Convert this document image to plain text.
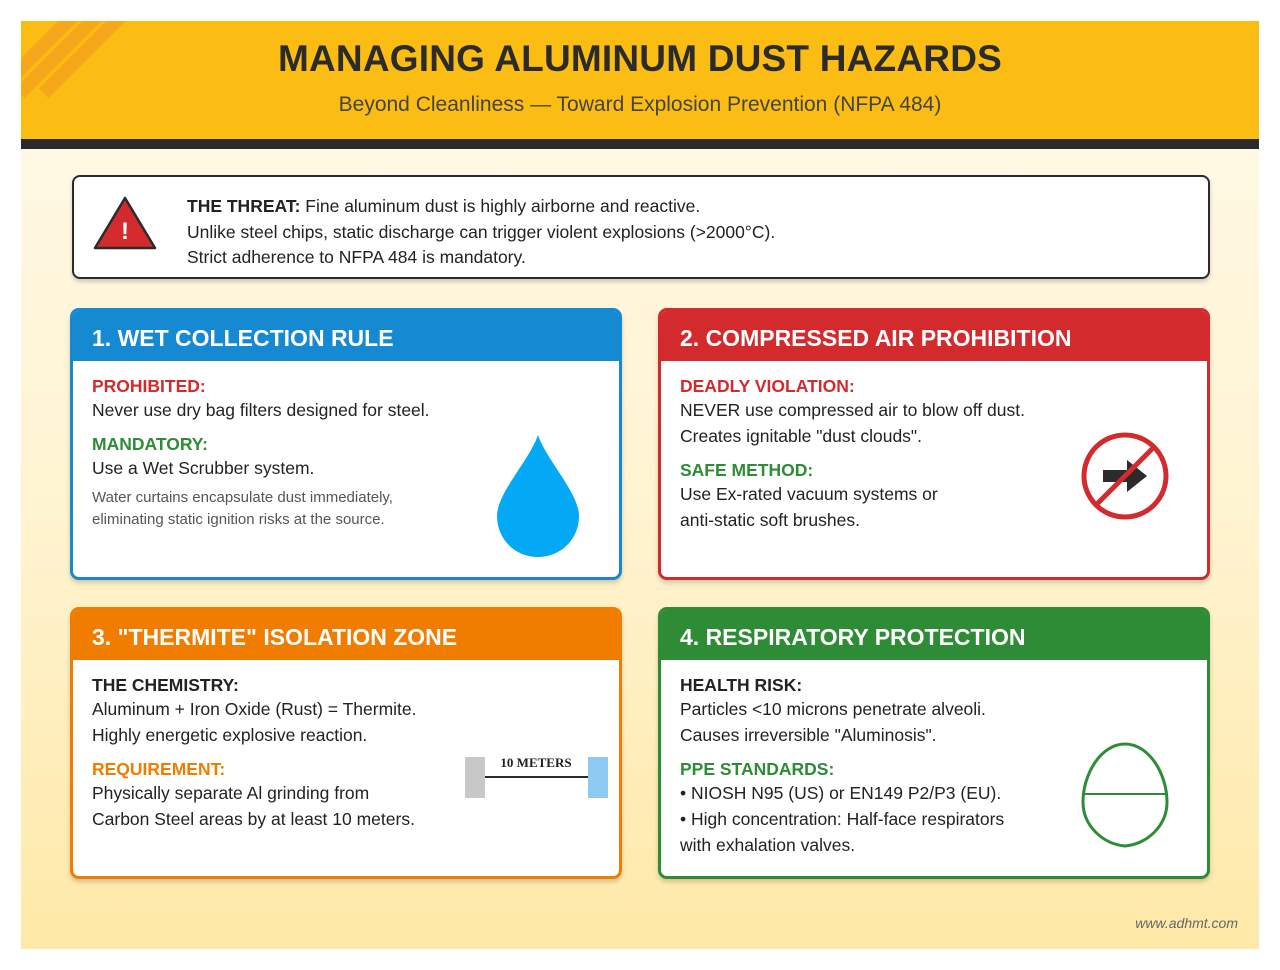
MANAGING ALUMINUM DUST HAZARDS
Beyond Cleanliness — Toward Explosion Prevention (NFPA 484)
!
THE THREAT: Fine aluminum dust is highly airborne and reactive.
Unlike steel chips, static discharge can trigger violent explosions (>2000°C).
Strict adherence to NFPA 484 is mandatory.
1. WET COLLECTION RULE
PROHIBITED:
Never use dry bag filters designed for steel.
MANDATORY:
Use a Wet Scrubber system.
Water curtains encapsulate dust immediately,
eliminating static ignition risks at the source.
2. COMPRESSED AIR PROHIBITION
DEADLY VIOLATION:
NEVER use compressed air to blow off dust.
Creates ignitable "dust clouds".
SAFE METHOD:
Use Ex-rated vacuum systems or
anti-static soft brushes.
3. "THERMITE" ISOLATION ZONE
THE CHEMISTRY:
Aluminum + Iron Oxide (Rust) = Thermite.
Highly energetic explosive reaction.
REQUIREMENT:
Physically separate Al grinding from
Carbon Steel areas by at least 10 meters.
10 METERS
4. RESPIRATORY PROTECTION
HEALTH RISK:
Particles <10 microns penetrate alveoli.
Causes irreversible "Aluminosis".
PPE STANDARDS:
• NIOSH N95 (US) or EN149 P2/P3 (EU).
• High concentration: Half-face respirators
with exhalation valves.
www.adhmt.com
